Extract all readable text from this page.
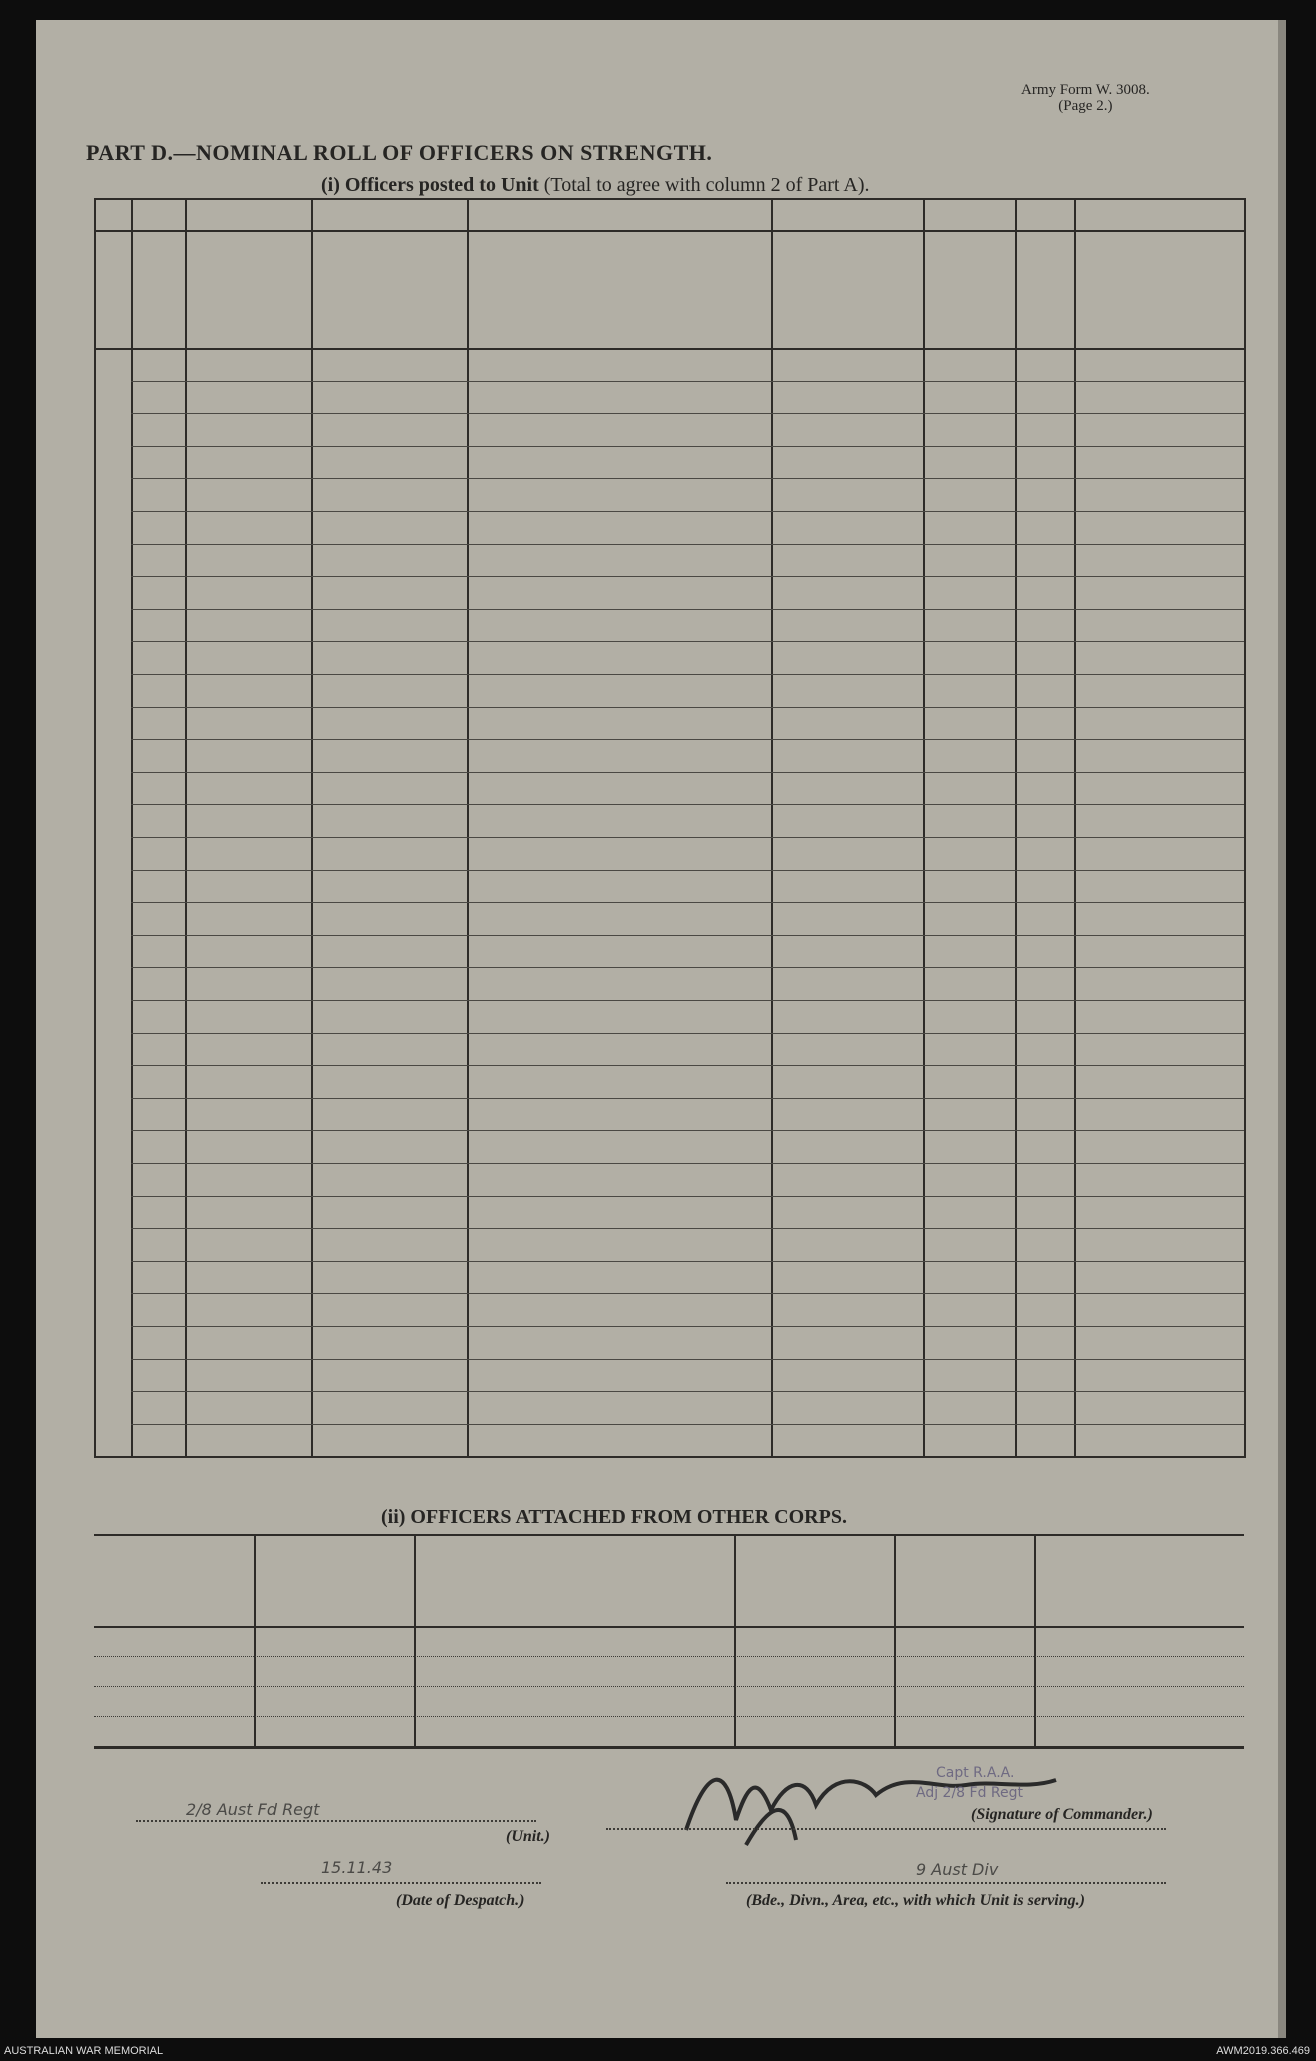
Army Form W. 3008.
(Page 2.)
PART D.—NOMINAL ROLL OF OFFICERS ON STRENGTH.
(i) Officers posted to Unit (Total to agree with column 2 of Part A).
(ii) OFFICERS ATTACHED FROM OTHER CORPS.
2/8 Aust Fd Regt
(Unit.)
15.11.43
(Date of Despatch.)
Capt R.A.A.
Adj 2/8 Fd Regt
(Signature of Commander.)
9 Aust Div
(Bde., Divn., Area, etc., with which Unit is serving.)
AUSTRALIAN WAR MEMORIAL	AWM2019.366.469
